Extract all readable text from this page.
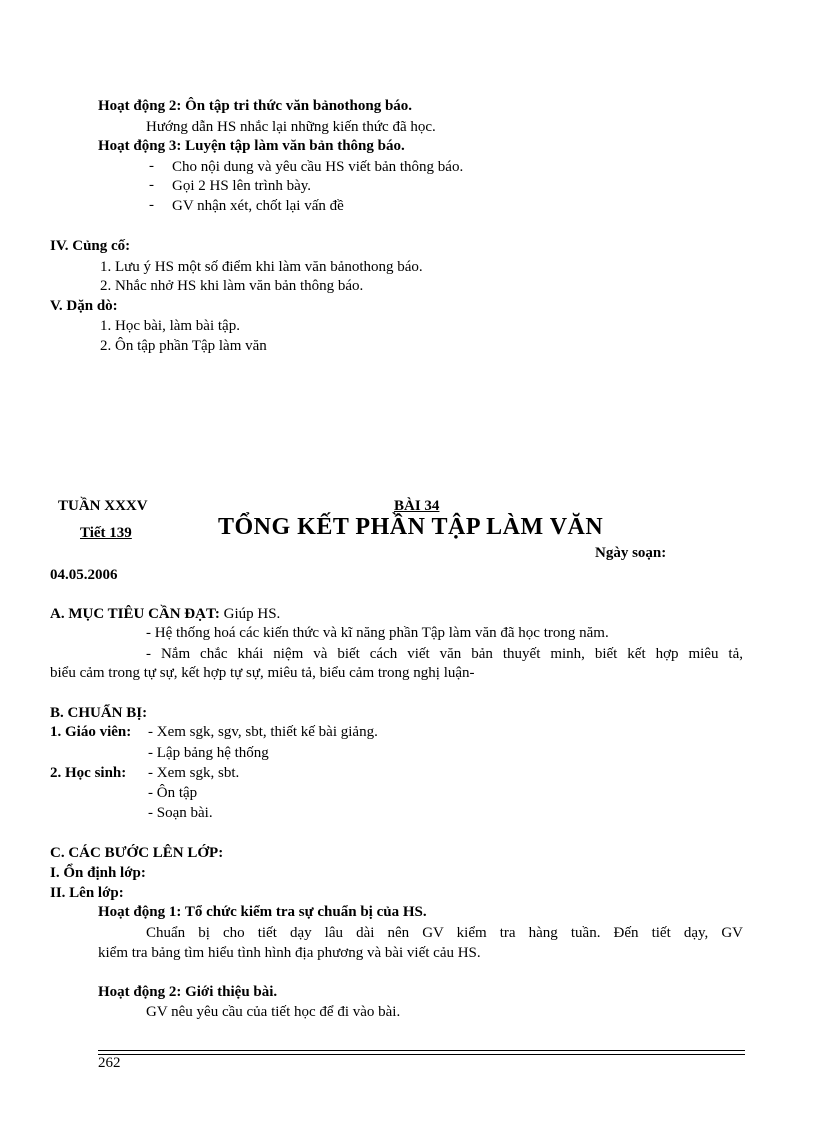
Hoạt động 2: Ôn tập tri thức văn bảnothong báo.
Hướng dẫn HS nhắc lại những kiến thức đã học.
Hoạt động 3: Luyện tập làm văn bản thông báo.
- Cho nội dung và yêu cầu HS viết bản thông báo.
- Gọi 2 HS lên trình bày.
- GV nhận xét, chốt lại vấn đề
IV. Củng cố:
1. Lưu ý HS một số điểm khi làm văn bảnothong báo.
2. Nhắc nhở HS khi làm văn bản thông báo.
V. Dặn dò:
1. Học bài, làm bài tập.
2. Ôn tập phần Tập làm văn
TUẦN XXXV
Tiết 139
BÀI 34
TỔNG KẾT PHẦN TẬP LÀM VĂN
Ngày soạn:
04.05.2006
A. MỤC TIÊU CẦN ĐẠT: Giúp HS.
- Hệ thống hoá các kiến thức và kĩ năng phần Tập làm văn đã học trong năm.
- Nắm chắc khái niệm và biết cách viết văn bản thuyết minh, biết kết hợp miêu tả,
biểu cảm trong tự sự, kết hợp tự sự, miêu tả, biểu cảm trong nghị luận-
B. CHUẨN BỊ:
1. Giáo viên: - Xem sgk, sgv, sbt, thiết kế bài giảng.
- Lập bảng hệ thống
2. Học sinh: - Xem sgk, sbt.
- Ôn tập
- Soạn bài.
C. CÁC BƯỚC LÊN LỚP:
I. Ổn định lớp:
II. Lên lớp:
Hoạt động 1: Tổ chức kiểm tra sự chuẩn bị của HS.
Chuẩn bị cho tiết dạy lâu dài nên GV kiểm tra hàng tuần. Đến tiết dạy, GV
kiểm tra bảng tìm hiểu tình hình địa phương và bài viết cảu HS.
Hoạt động 2: Giới thiệu bài.
GV nêu yêu cầu của tiết học để đi vào bài.
262
